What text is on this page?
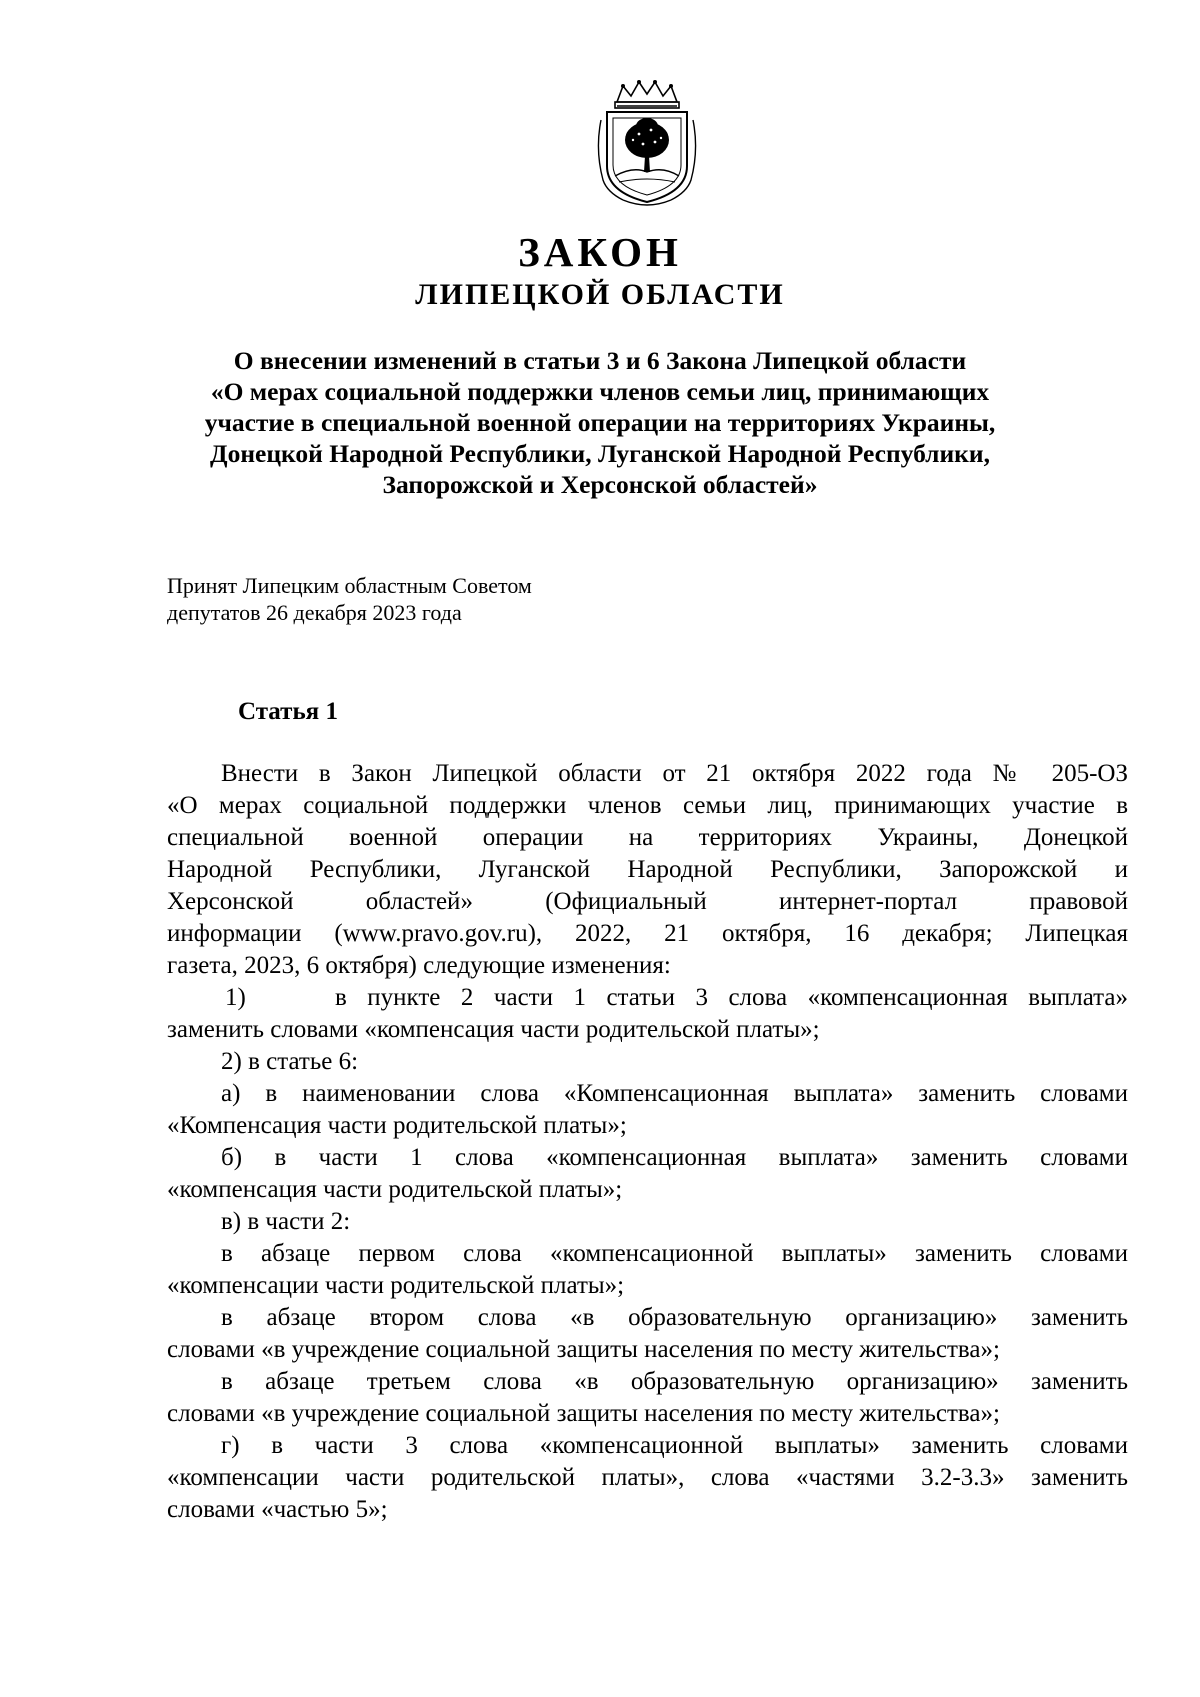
ЗАКОН
ЛИПЕЦКОЙ ОБЛАСТИ
О внесении изменений в статьи 3 и 6 Закона Липецкой области
«О мерах социальной поддержки членов семьи лиц, принимающих
участие в специальной военной операции на территориях Украины,
Донецкой Народной Республики, Луганской Народной Республики,
Запорожской и Херсонской областей»
Принят Липецким областным Советом
депутатов 26 декабря 2023 года
Статья 1
Внести в Закон Липецкой области от 21 октября 2022 года № 205-ОЗ
«О мерах социальной поддержки членов семьи лиц, принимающих участие в
специальной военной операции на территориях Украины, Донецкой
Народной Республики, Луганской Народной Республики, Запорожской и
Херсонской областей» (Официальный интернет-портал правовой
информации (www.pravo.gov.ru), 2022, 21 октября, 16 декабря; Липецкая
газета, 2023, 6 октября) следующие изменения:
1)	в пункте 2 части 1 статьи 3 слова «компенсационная выплата»
заменить словами «компенсация части родительской платы»;
2) в статье 6:
а) в наименовании слова «Компенсационная выплата» заменить словами
«Компенсация части родительской платы»;
б) в части 1 слова «компенсационная выплата» заменить словами
«компенсация части родительской платы»;
в) в части 2:
в абзаце первом слова «компенсационной выплаты» заменить словами
«компенсации части родительской платы»;
в абзаце втором слова «в образовательную организацию» заменить
словами «в учреждение социальной защиты населения по месту жительства»;
в абзаце третьем слова «в образовательную организацию» заменить
словами «в учреждение социальной защиты населения по месту жительства»;
г) в части 3 слова «компенсационной выплаты» заменить словами
«компенсации части родительской платы», слова «частями 3.2-3.3» заменить
словами «частью 5»;
